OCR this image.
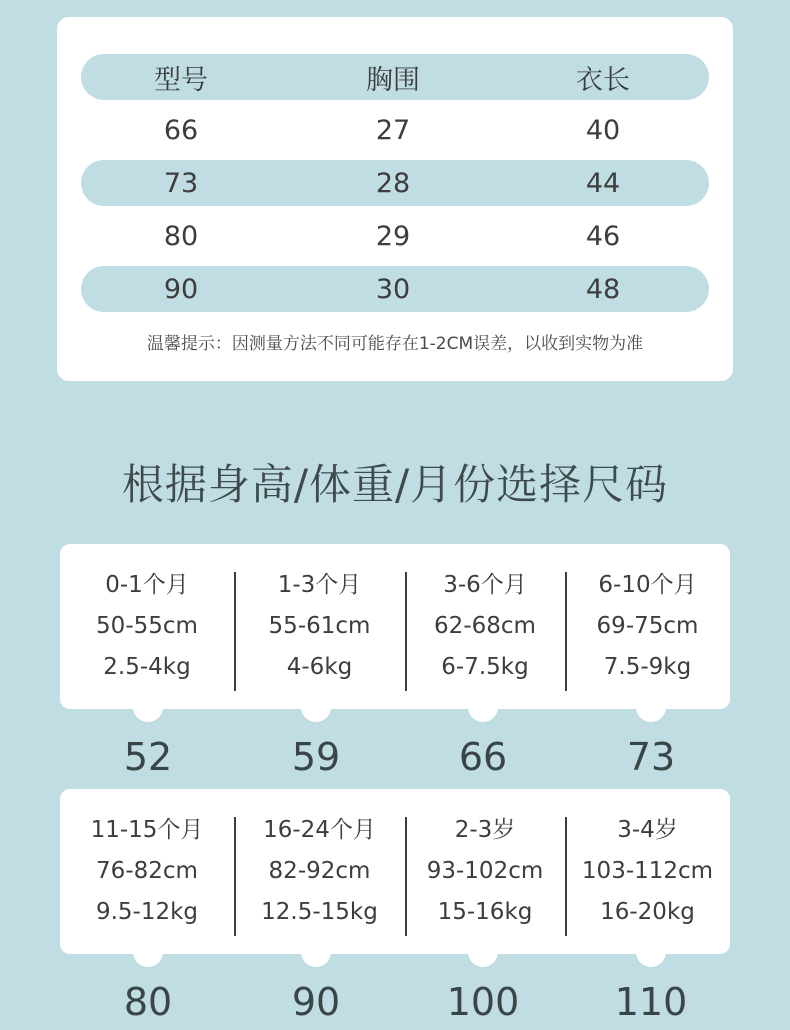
型号	胸围	衣长
66	27	40
73	28	44
80	29	46
90	30	48
温馨提示：因测量方法不同可能存在1-2CM误差，以收到实物为准
根据身高/体重/月份选择尺码
0-1个月
50-55cm
2.5-4kg
1-3个月
55-61cm
4-6kg
3-6个月
62-68cm
6-7.5kg
6-10个月
69-75cm
7.5-9kg
52	59	66	73
11-15个月
76-82cm
9.5-12kg
16-24个月
82-92cm
12.5-15kg
2-3岁
93-102cm
15-16kg
3-4岁
103-112cm
16-20kg
80	90	100	110
